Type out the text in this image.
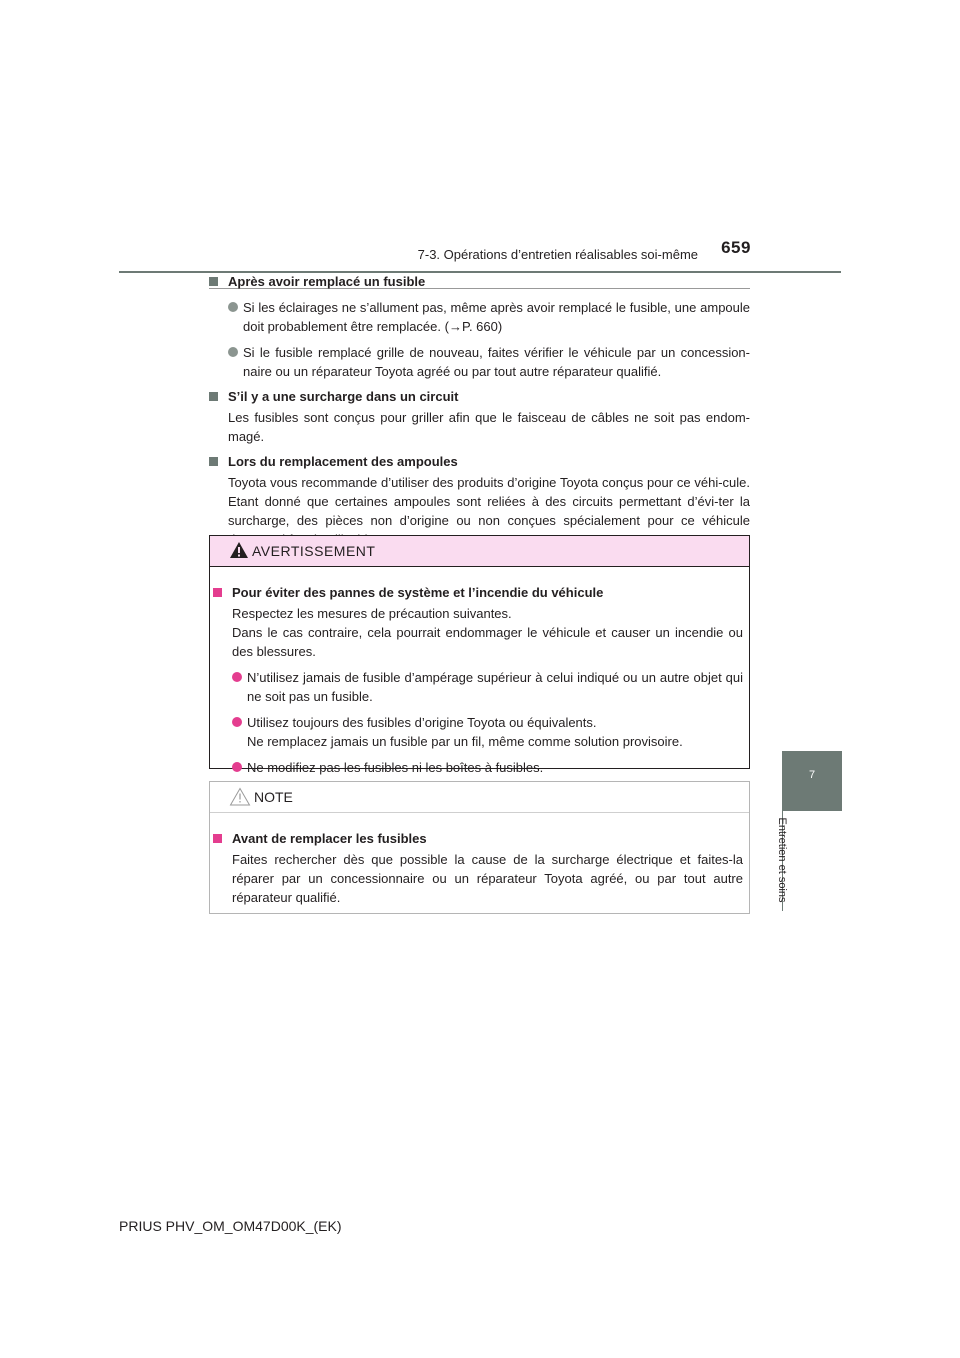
7-3. Opérations d’entretien réalisables soi-même	659
7
Entretien et soins
Après avoir remplacé un fusible
Si les éclairages ne s’allument pas, même après avoir remplacé le fusible, une ampoule doit probablement être remplacée. (→P. 660)
Si le fusible remplacé grille de nouveau, faites vérifier le véhicule par un concession-naire ou un réparateur Toyota agréé ou par tout autre réparateur qualifié.
S’il y a une surcharge dans un circuit
Les fusibles sont conçus pour griller afin que le faisceau de câbles ne soit pas endom-magé.
Lors du remplacement des ampoules
Toyota vous recommande d’utiliser des produits d’origine Toyota conçus pour ce véhi-cule. Etant donné que certaines ampoules sont reliées à des circuits permettant d’évi-ter la surcharge, des pièces non d’origine ou non conçues spécialement pour ce véhicule
AVERTISSEMENT
Pour éviter des pannes de système et l’incendie du véhicule
Respectez les mesures de précaution suivantes.
Dans le cas contraire, cela pourrait endommager le véhicule et causer un incendie ou des blessures.
N’utilisez jamais de fusible d’ampérage supérieur à celui indiqué ou un autre objet qui ne soit pas un fusible.
Utilisez toujours des fusibles d’origine Toyota ou équivalents.
Ne remplacez jamais un fusible par un fil, même comme solution provisoire.
Ne modifiez pas les fusibles ni les boîtes à fusibles.
NOTE
Avant de remplacer les fusibles
Faites rechercher dès que possible la cause de la surcharge électrique et faites-la réparer par un concessionnaire ou un réparateur Toyota agréé, ou par tout autre réparateur qualifié.
PRIUS PHV_OM_OM47D00K_(EK)
